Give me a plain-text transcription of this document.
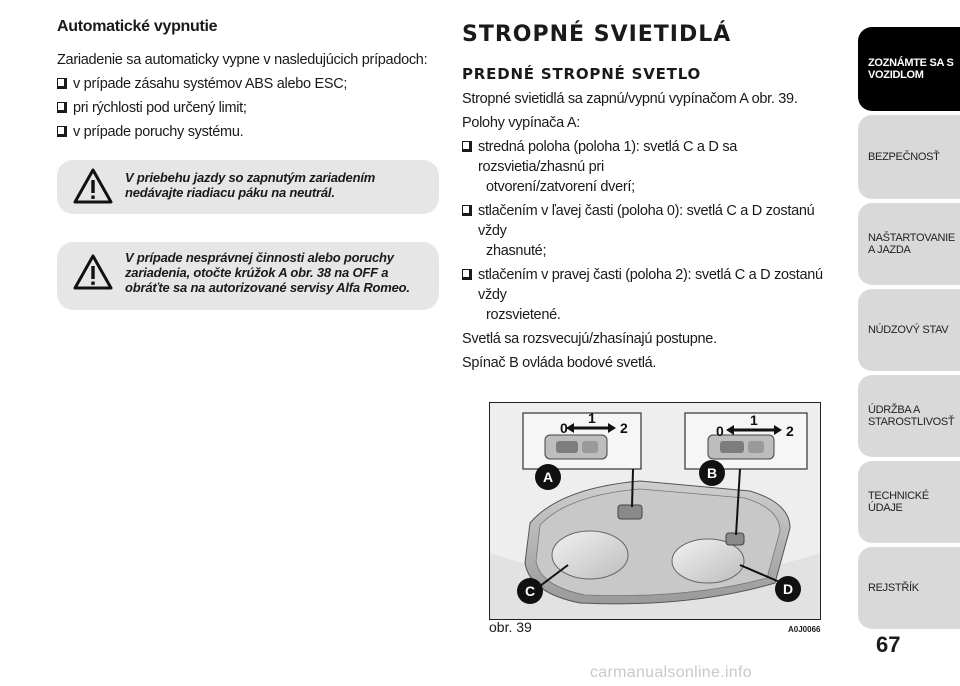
Automatické vypnutie
Zariadenie sa automaticky vypne v nasledujúcich prípadoch:
v prípade zásahu systémov ABS alebo ESC;
pri rýchlosti pod určený limit;
v prípade poruchy systému.
V priebehu jazdy so zapnutým zariadením nedávajte riadiacu páku na neutrál.
V prípade nesprávnej činnosti alebo poruchy zariadenia, otočte krúžok A obr. 38 na OFF a obráťte sa na autorizované servisy Alfa Romeo.
STROPNÉ SVIETIDLÁ
PREDNÉ STROPNÉ SVETLO
Stropné svietidlá sa zapnú/vypnú vypínačom A obr. 39.
Polohy vypínača A:
stredná poloha (poloha 1): svetlá C a D sa rozsvietia/zhasnú pri
otvorení/zatvorení dverí;
stlačením v ľavej časti (poloha 0): svetlá C a D zostanú vždy
zhasnuté;
stlačením v pravej časti (poloha 2): svetlá C a D zostanú vždy
rozsvietené.
Svetlá sa rozsvecujú/zhasínajú postupne.
Spínač B ovláda bodové svetlá.
0
1
2	0
1
2
A	B
C	D
obr. 39	A0J0066
ZOZNÁMTE SA S VOZIDLOM
BEZPEČNOSŤ
NAŠTARTOVANIE A JAZDA
NÚDZOVÝ STAV
ÚDRŽBA A STAROSTLIVOSŤ
TECHNICKÉ ÚDAJE
REJSTŘÍK
67
carmanualsonline.info
